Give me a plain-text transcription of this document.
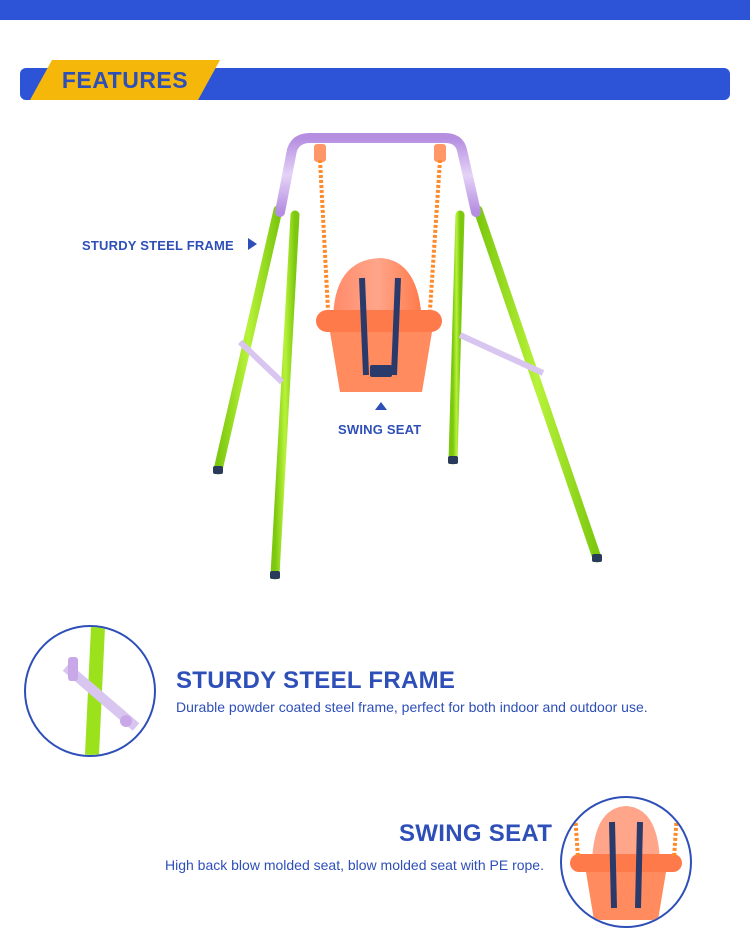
FEATURES
STURDY STEEL FRAME
SWING SEAT
STURDY STEEL FRAME
Durable powder coated steel frame, perfect for both indoor and outdoor use.
SWING SEAT
High back blow molded seat, blow molded seat with PE rope.
